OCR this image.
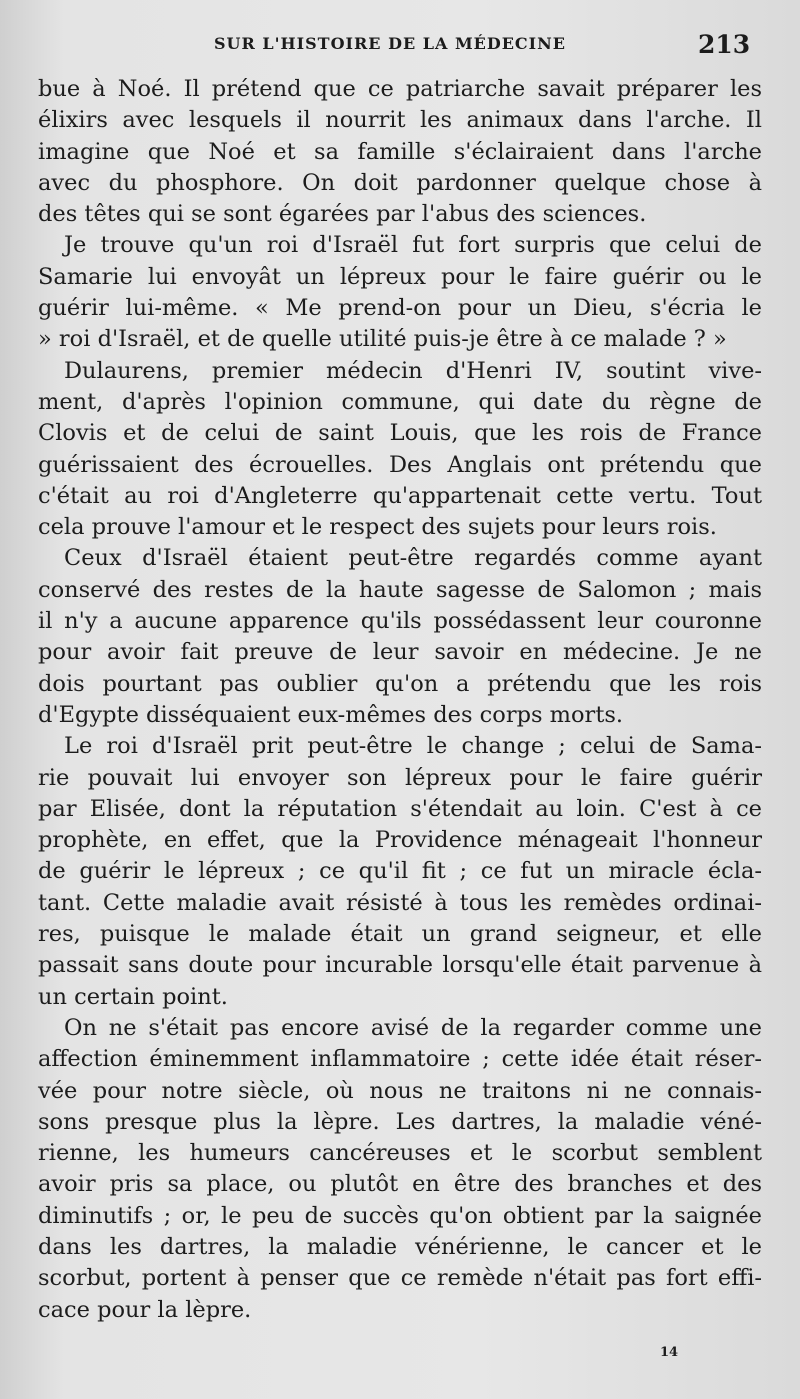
SUR L'HISTOIRE DE LA MÉDECINE	213
bue à Noé. Il prétend que ce patriarche savait préparer les
élixirs avec lesquels il nourrit les animaux dans l'arche. Il
imagine que Noé et sa famille s'éclairaient dans l'arche
avec du phosphore. On doit pardonner quelque chose à
des têtes qui se sont égarées par l'abus des sciences.
Je trouve qu'un roi d'Israël fut fort surpris que celui de
Samarie lui envoyât un lépreux pour le faire guérir ou le
guérir lui-même. « Me prend-on pour un Dieu, s'écria le
» roi d'Israël, et de quelle utilité puis-je être à ce malade ? »
Dulaurens, premier médecin d'Henri IV, soutint vive-
ment, d'après l'opinion commune, qui date du règne de
Clovis et de celui de saint Louis, que les rois de France
guérissaient des écrouelles. Des Anglais ont prétendu que
c'était au roi d'Angleterre qu'appartenait cette vertu. Tout
cela prouve l'amour et le respect des sujets pour leurs rois.
Ceux d'Israël étaient peut-être regardés comme ayant
conservé des restes de la haute sagesse de Salomon ; mais
il n'y a aucune apparence qu'ils possédassent leur couronne
pour avoir fait preuve de leur savoir en médecine. Je ne
dois pourtant pas oublier qu'on a prétendu que les rois
d'Egypte disséquaient eux-mêmes des corps morts.
Le roi d'Israël prit peut-être le change ; celui de Sama-
rie pouvait lui envoyer son lépreux pour le faire guérir
par Elisée, dont la réputation s'étendait au loin. C'est à ce
prophète, en effet, que la Providence ménageait l'honneur
de guérir le lépreux ; ce qu'il fit ; ce fut un miracle écla-
tant. Cette maladie avait résisté à tous les remèdes ordinai-
res, puisque le malade était un grand seigneur, et elle
passait sans doute pour incurable lorsqu'elle était parvenue à
un certain point.
On ne s'était pas encore avisé de la regarder comme une
affection éminemment inflammatoire ; cette idée était réser-
vée pour notre siècle, où nous ne traitons ni ne connais-
sons presque plus la lèpre. Les dartres, la maladie véné-
rienne, les humeurs cancéreuses et le scorbut semblent
avoir pris sa place, ou plutôt en être des branches et des
diminutifs ; or, le peu de succès qu'on obtient par la saignée
dans les dartres, la maladie vénérienne, le cancer et le
scorbut, portent à penser que ce remède n'était pas fort effi-
cace pour la lèpre.
14
